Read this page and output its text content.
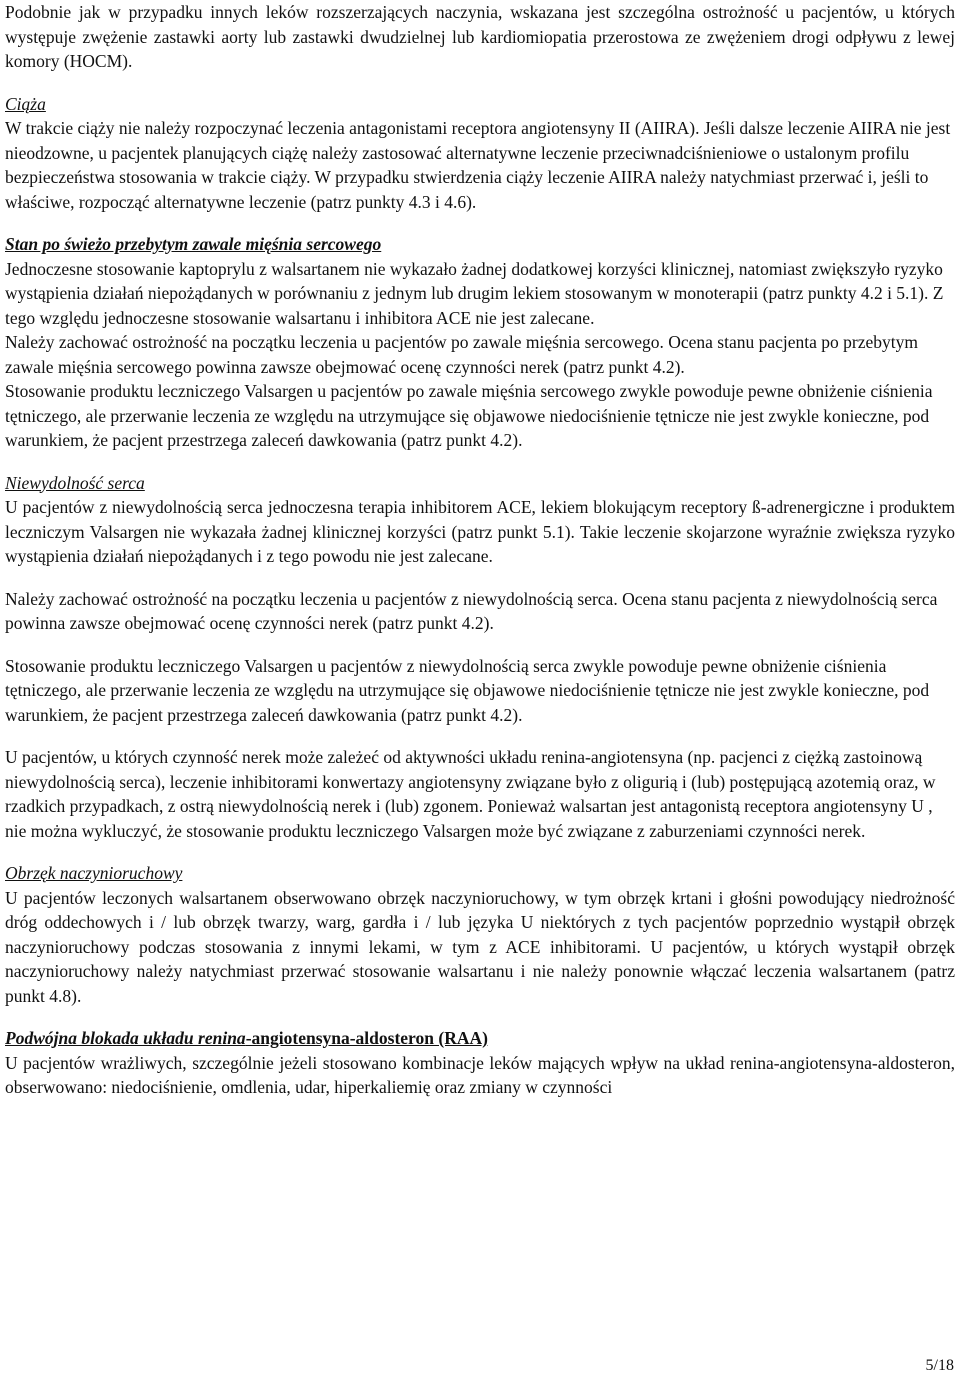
Podobnie jak w przypadku innych leków rozszerzających naczynia, wskazana jest szczególna ostrożność u pacjentów, u których występuje zwężenie zastawki aorty lub zastawki dwudzielnej lub kardiomiopatia przerostowa ze zwężeniem drogi odpływu z lewej komory (HOCM).

Ciąża

W trakcie ciąży nie należy rozpoczynać leczenia antagonistami receptora angiotensyny II (AIIRA). Jeśli dalsze leczenie AIIRA nie jest nieodzowne, u pacjentek planujących ciążę należy zastosować alternatywne leczenie przeciwnadciśnieniowe o ustalonym profilu bezpieczeństwa stosowania w trakcie ciąży. W przypadku stwierdzenia ciąży leczenie AIIRA należy natychmiast przerwać i, jeśli to właściwe, rozpocząć alternatywne leczenie (patrz punkty 4.3 i 4.6).

Stan po świeżo przebytym zawale mięśnia sercowego

Jednoczesne stosowanie kaptoprylu z walsartanem nie wykazało żadnej dodatkowej korzyści klinicznej, natomiast zwiększyło ryzyko wystąpienia działań niepożądanych w porównaniu z jednym lub drugim lekiem stosowanym w monoterapii (patrz punkty 4.2 i 5.1). Z tego względu jednoczesne stosowanie walsartanu i inhibitora ACE nie jest zalecane.

Należy zachować ostrożność na początku leczenia u pacjentów po zawale mięśnia sercowego. Ocena stanu pacjenta po przebytym zawale mięśnia sercowego powinna zawsze obejmować ocenę czynności nerek (patrz punkt 4.2).

Stosowanie produktu leczniczego Valsargen u pacjentów po zawale mięśnia sercowego zwykle powoduje pewne obniżenie ciśnienia tętniczego, ale przerwanie leczenia ze względu na utrzymujące się objawowe niedociśnienie tętnicze nie jest zwykle konieczne, pod warunkiem, że pacjent przestrzega zaleceń dawkowania (patrz punkt 4.2).

Niewydolność serca

U pacjentów z niewydolnością serca jednoczesna terapia inhibitorem ACE, lekiem blokującym receptory ß-adrenergiczne i produktem leczniczym Valsargen nie wykazała żadnej klinicznej korzyści (patrz punkt 5.1). Takie leczenie skojarzone wyraźnie zwiększa ryzyko wystąpienia działań niepożądanych i z tego powodu nie jest zalecane.

Należy zachować ostrożność na początku leczenia u pacjentów z niewydolnością serca. Ocena stanu pacjenta z niewydolnością serca powinna zawsze obejmować ocenę czynności nerek (patrz punkt 4.2).

Stosowanie produktu leczniczego Valsargen u pacjentów z niewydolnością serca zwykle powoduje pewne obniżenie ciśnienia tętniczego, ale przerwanie leczenia ze względu na utrzymujące się objawowe niedociśnienie tętnicze nie jest zwykle konieczne, pod warunkiem, że pacjent przestrzega zaleceń dawkowania (patrz punkt 4.2).

U pacjentów, u których czynność nerek może zależeć od aktywności układu renina-angiotensyna (np. pacjenci z ciężką zastoinową niewydolnością serca), leczenie inhibitorami konwertazy angiotensyny związane było z oligurią i (lub) postępującą azotemią oraz, w rzadkich przypadkach, z ostrą niewydolnością nerek i (lub) zgonem. Ponieważ walsartan jest antagonistą receptora angiotensyny U , nie można wykluczyć, że stosowanie produktu leczniczego Valsargen może być związane z zaburzeniami czynności nerek.

Obrzęk naczynioruchowy

U pacjentów leczonych walsartanem obserwowano obrzęk naczynioruchowy, w tym obrzęk krtani i głośni powodujący niedrożność dróg oddechowych i / lub obrzęk twarzy, warg, gardła i / lub języka U niektórych z tych pacjentów poprzednio wystąpił obrzęk naczynioruchowy podczas stosowania z innymi lekami, w tym z ACE inhibitorami. U pacjentów, u których wystąpił obrzęk naczynioruchowy należy natychmiast przerwać stosowanie walsartanu i nie należy ponownie włączać leczenia walsartanem (patrz punkt 4.8).

Podwójna blokada układu renina-angiotensyna-aldosteron (RAA)

U pacjentów wrażliwych, szczególnie jeżeli stosowano kombinacje leków mających wpływ na układ renina-angiotensyna-aldosteron, obserwowano: niedociśnienie, omdlenia, udar, hiperkaliemię oraz zmiany w czynności

5/18
